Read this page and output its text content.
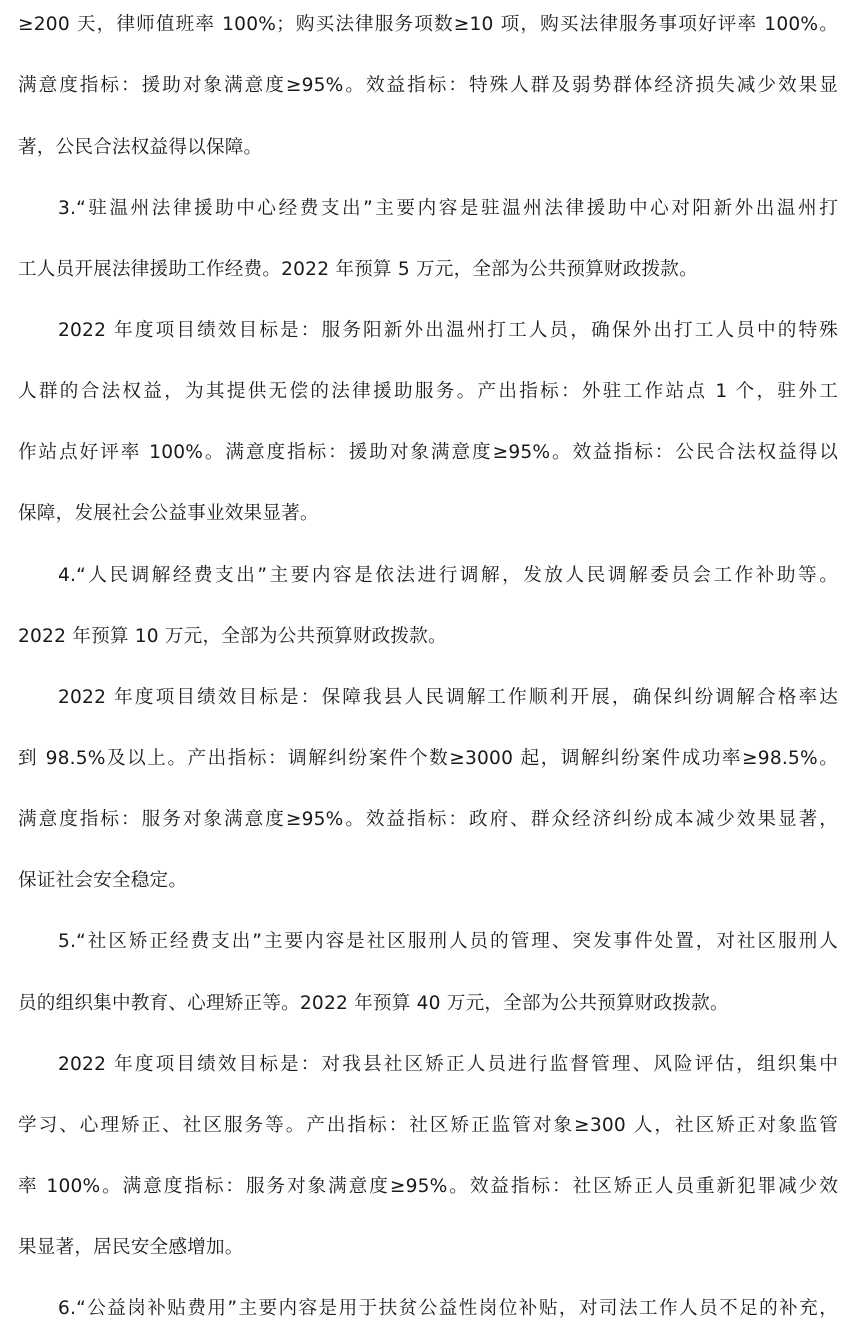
≥200 天，律师值班率 100%；购买法律服务项数≥10 项，购买法律服务事项好评率 100%。
满意度指标：援助对象满意度≥95%。效益指标：特殊人群及弱势群体经济损失减少效果显
著，公民合法权益得以保障。
3.“驻温州法律援助中心经费支出”主要内容是驻温州法律援助中心对阳新外出温州打
工人员开展法律援助工作经费。2022 年预算 5 万元，全部为公共预算财政拨款。
2022 年度项目绩效目标是：服务阳新外出温州打工人员，确保外出打工人员中的特殊
人群的合法权益，为其提供无偿的法律援助服务。产出指标：外驻工作站点 1 个，驻外工
作站点好评率 100%。满意度指标：援助对象满意度≥95%。效益指标：公民合法权益得以
保障，发展社会公益事业效果显著。
4.“人民调解经费支出”主要内容是依法进行调解，发放人民调解委员会工作补助等。
2022 年预算 10 万元，全部为公共预算财政拨款。
2022 年度项目绩效目标是：保障我县人民调解工作顺利开展，确保纠纷调解合格率达
到 98.5%及以上。产出指标：调解纠纷案件个数≥3000 起，调解纠纷案件成功率≥98.5%。
满意度指标：服务对象满意度≥95%。效益指标：政府、群众经济纠纷成本减少效果显著，
保证社会安全稳定。
5.“社区矫正经费支出”主要内容是社区服刑人员的管理、突发事件处置，对社区服刑人
员的组织集中教育、心理矫正等。2022 年预算 40 万元，全部为公共预算财政拨款。
2022 年度项目绩效目标是：对我县社区矫正人员进行监督管理、风险评估，组织集中
学习、心理矫正、社区服务等。产出指标：社区矫正监管对象≥300 人，社区矫正对象监管
率 100%。满意度指标：服务对象满意度≥95%。效益指标：社区矫正人员重新犯罪减少效
果显著，居民安全感增加。
6.“公益岗补贴费用”主要内容是用于扶贫公益性岗位补贴，对司法工作人员不足的补充，
